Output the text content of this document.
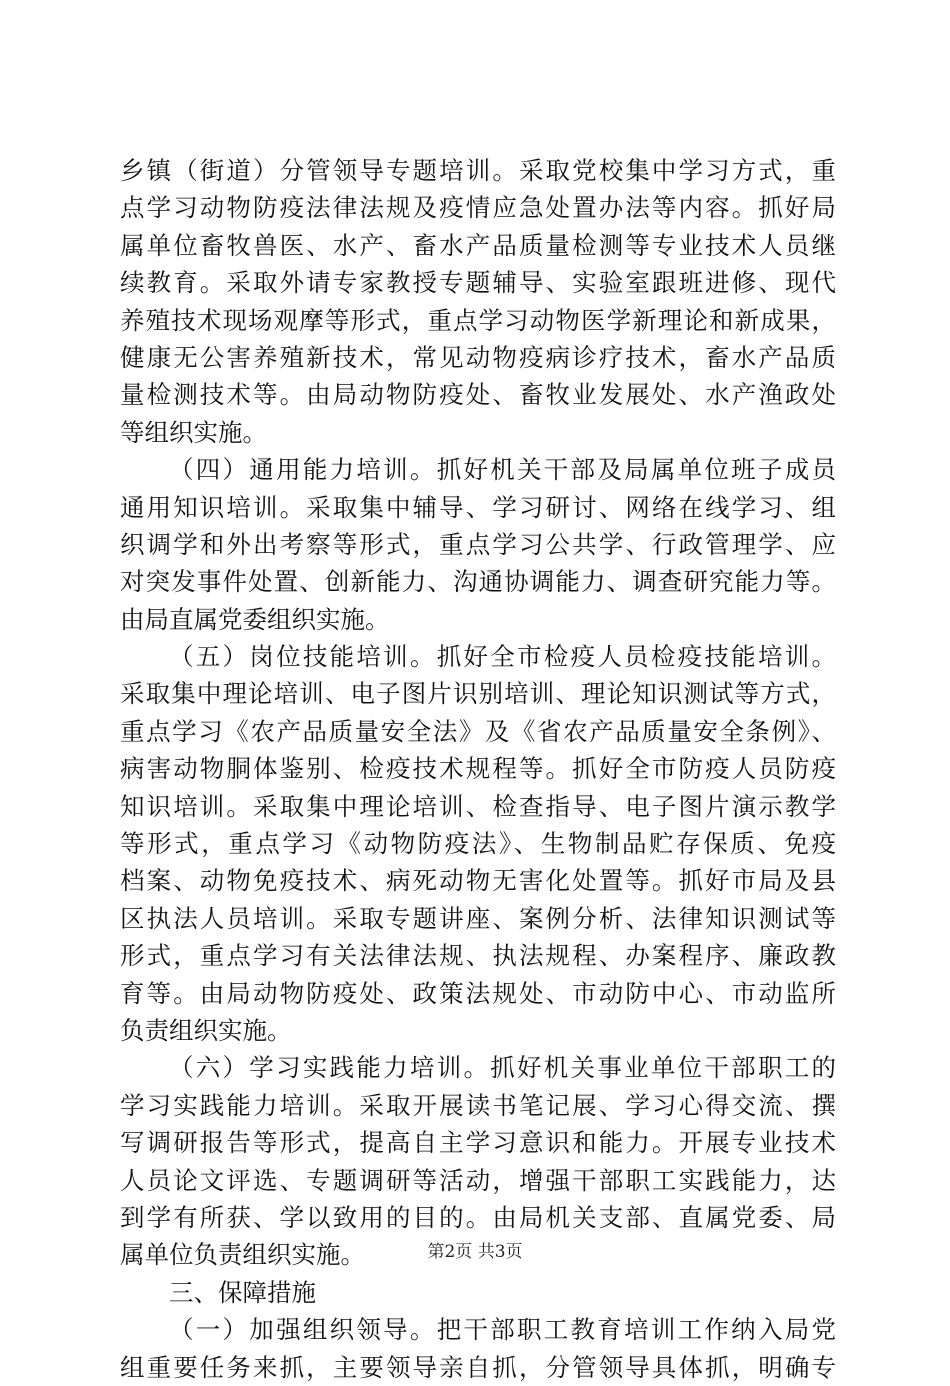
乡镇（街道）分管领导专题培训。采取党校集中学习方式，重
点学习动物防疫法律法规及疫情应急处置办法等内容。抓好局
属单位畜牧兽医、水产、畜水产品质量检测等专业技术人员继
续教育。采取外请专家教授专题辅导、实验室跟班进修、现代
养殖技术现场观摩等形式，重点学习动物医学新理论和新成果，
健康无公害养殖新技术，常见动物疫病诊疗技术，畜水产品质
量检测技术等。由局动物防疫处、畜牧业发展处、水产渔政处
等组织实施。
（四）通用能力培训。抓好机关干部及局属单位班子成员
通用知识培训。采取集中辅导、学习研讨、网络在线学习、组
织调学和外出考察等形式，重点学习公共学、行政管理学、应
对突发事件处置、创新能力、沟通协调能力、调查研究能力等。
由局直属党委组织实施。
（五）岗位技能培训。抓好全市检疫人员检疫技能培训。
采取集中理论培训、电子图片识别培训、理论知识测试等方式，
重点学习《农产品质量安全法》及《省农产品质量安全条例》、
病害动物胴体鉴别、检疫技术规程等。抓好全市防疫人员防疫
知识培训。采取集中理论培训、检查指导、电子图片演示教学
等形式，重点学习《动物防疫法》、生物制品贮存保质、免疫
档案、动物免疫技术、病死动物无害化处置等。抓好市局及县
区执法人员培训。采取专题讲座、案例分析、法律知识测试等
形式，重点学习有关法律法规、执法规程、办案程序、廉政教
育等。由局动物防疫处、政策法规处、市动防中心、市动监所
负责组织实施。
（六）学习实践能力培训。抓好机关事业单位干部职工的
学习实践能力培训。采取开展读书笔记展、学习心得交流、撰
写调研报告等形式，提高自主学习意识和能力。开展专业技术
人员论文评选、专题调研等活动，增强干部职工实践能力，达
到学有所获、学以致用的目的。由局机关支部、直属党委、局
属单位负责组织实施。
三、保障措施
（一）加强组织领导。把干部职工教育培训工作纳入局党
组重要任务来抓，主要领导亲自抓，分管领导具体抓，明确专
第2页 共3页
